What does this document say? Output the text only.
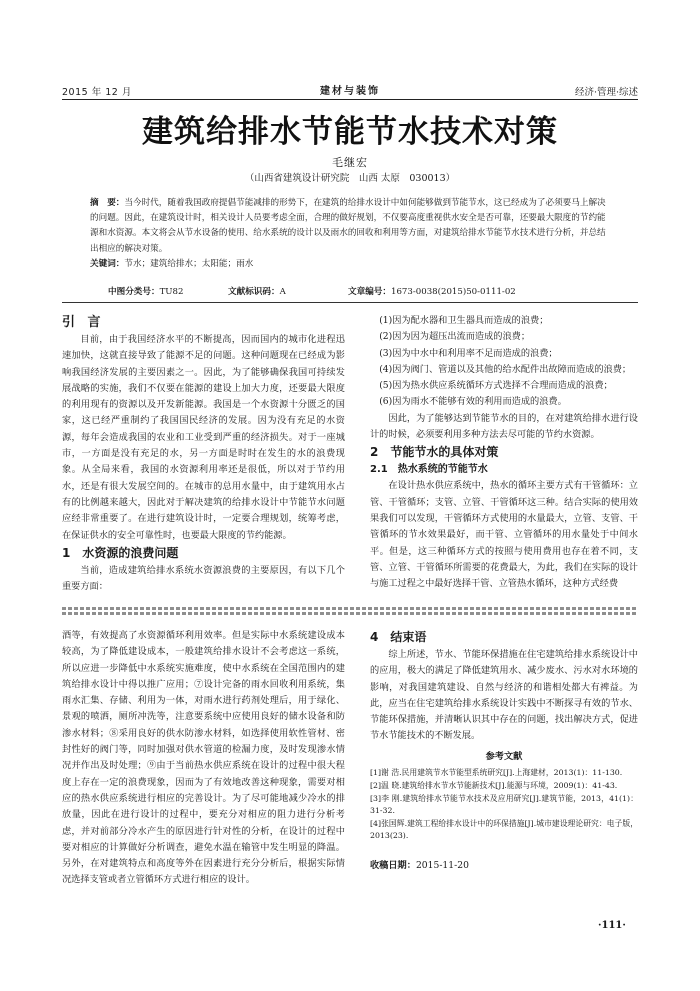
2015 年 12 月	建材与装饰	经济·管理·综述
建筑给排水节能节水技术对策
毛继宏
（山西省建筑设计研究院　山西 太原　030013）
摘　要：当今时代，随着我国政府提倡节能减排的形势下，在建筑的给排水设计中如何能够做到节能节水，这已经成为了必须要马上解决的问题。因此，在建筑设计时，相关设计人员要考虑全面，合理的做好规划，不仅要高度重视供水安全是否可靠，还要最大限度的节约能源和水资源。本文将会从节水设备的使用、给水系统的设计以及雨水的回收和利用等方面，对建筑给排水节能节水技术进行分析，并总结出相应的解决对策。
关键词：节水；建筑给排水；太阳能；雨水
中图分类号：TU82	文献标识码：A	文章编号：1673-0038(2015)50-0111-02
引 言

目前，由于我国经济水平的不断提高，因而国内的城市化进程迅速加快，这就直接导致了能源不足的问题。这种问题现在已经成为影响我国经济发展的主要因素之一。因此，为了能够确保我国可持续发展战略的实施，我们不仅要在能源的建设上加大力度，还要最大限度的利用现有的资源以及开发新能源。我国是一个水资源十分匮乏的国家，这已经严重制约了我国国民经济的发展。因为没有充足的水资源，每年会造成我国的农业和工业受到严重的经济损失。对于一座城市，一方面是没有充足的水，另一方面是时时在发生的水的浪费现象。从全局来看，我国的水资源利用率还是很低，所以对于节约用水，还是有很大发展空间的。在城市的总用水量中，由于建筑用水占有的比例越来越大，因此对于解决建筑的给排水设计中节能节水问题应经非常重要了。在进行建筑设计时，一定要合理规划，统筹考虑，在保证供水的安全可靠性时，也要最大限度的节约能源。

1　水资源的浪费问题

当前，造成建筑给排水系统水资源浪费的主要原因，有以下几个重要方面：

(1)因为配水器和卫生器具而造成的浪费；

(2)因为因为超压出流而造成的浪费；

(3)因为中水中和利用率不足而造成的浪费；

(4)因为阀门、管道以及其他的给水配件出故障而造成的浪费；

(5)因为热水供应系统循环方式选择不合理而造成的浪费；

(6)因为雨水不能够有效的利用而造成的浪费。

因此，为了能够达到节能节水的目的，在对建筑给排水进行设计的时候，必须要利用多种方法去尽可能的节约水资源。

2　节能节水的具体对策
2.1　热水系统的节能节水

在设计热水供应系统中，热水的循环主要方式有干管循环：立管、干管循环；支管、立管、干管循环这三种。结合实际的使用效果我们可以发现，干管循环方式使用的水量最大，立管、支管、干管循环的节水效果最好，而干管、立管循环的用水量处于中间水平。但是，这三种循环方式的按照与使用费用也存在着不同，支管、立管、干管循环所需要的花费最大，为此，我们在实际的设计与施工过程之中最好选择干管、立管热水循环，这种方式经费

酒等，有效提高了水资源循环利用效率。但是实际中水系统建设成本较高，为了降低建设成本，一般建筑给排水设计不会考虑这一系统，所以应进一步降低中水系统实施难度，使中水系统在全国范围内的建筑给排水设计中得以推广应用；⑦设计完备的雨水回收利用系统，集雨水汇集、存储、利用为一体，对雨水进行药剂处理后，用于绿化、景观的喷洒，厕所冲洗等，注意要系统中应使用良好的储水设备和防渗水材料；⑧采用良好的供水防渗水材料，如选择使用软性管材、密封性好的阀门等，同时加强对供水管道的检漏力度，及时发现渗水情况并作出及时处理；⑨由于当前热水供应系统在设计的过程中很大程度上存在一定的浪费现象，因而为了有效地改善这种现象，需要对相应的热水供应系统进行相应的完善设计。为了尽可能地减少冷水的排放量，因此在进行设计的过程中，要充分对相应的阻力进行分析考虑，并对前部分冷水产生的原因进行针对性的分析，在设计的过程中要对相应的计算做好分析调查，避免水温在输管中发生明显的降温。另外，在对建筑特点和高度等外在因素进行充分分析后，根据实际情况选择支管或者立管循环方式进行相应的设计。

4　结束语

综上所述，节水、节能环保措施在住宅建筑给排水系统设计中的应用，极大的满足了降低建筑用水、减少废水、污水对水环境的影响，对我国建筑建设、自然与经济的和谐相处都大有裨益。为此，应当在住宅建筑给排水系统设计实践中不断探寻有效的节水、节能环保措施，并清晰认识其中存在的问题，找出解决方式，促进节水节能技术的不断发展。

参考文献
[1]谢 浩.民用建筑节水节能型系统研究[J].上海建材，2013(1)：11-130.
[2]温 晓.建筑给排水节水节能新技术[J].能源与环境，2009(1)：41-43.
[3]李 刚.建筑给排水节能节水技术及应用研究[J].建筑节能，2013，41(1)：31-32.
[4]张国辉.建筑工程给排水设计中的环保措施[J].城市建设理论研究：电子版，2013(23).
收稿日期：2015-11-20
·111·
